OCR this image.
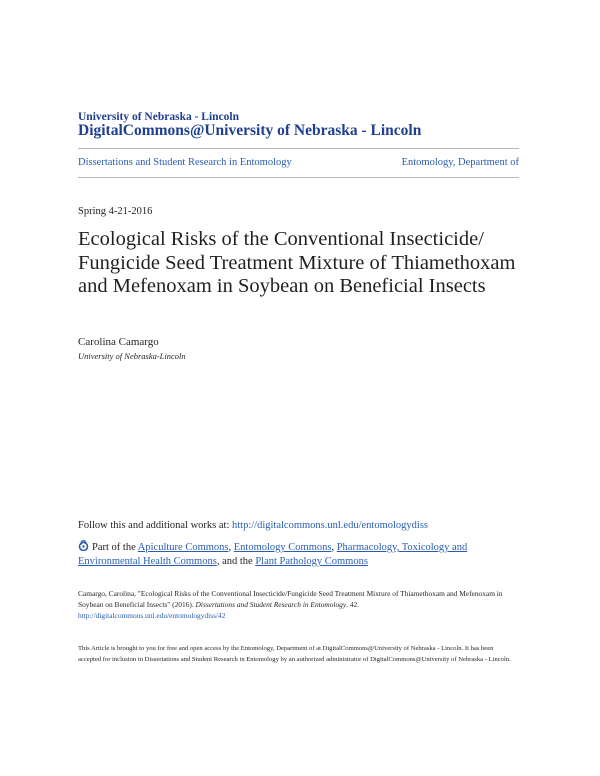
University of Nebraska - Lincoln
DigitalCommons@University of Nebraska - Lincoln
Dissertations and Student Research in Entomology	Entomology, Department of
Spring 4-21-2016
Ecological Risks of the Conventional Insecticide/ Fungicide Seed Treatment Mixture of Thiamethoxam and Mefenoxam in Soybean on Beneficial Insects
Carolina Camargo
University of Nebraska-Lincoln
Follow this and additional works at: http://digitalcommons.unl.edu/entomologydiss
Part of the Apiculture Commons, Entomology Commons, Pharmacology, Toxicology and Environmental Health Commons, and the Plant Pathology Commons
Camargo, Carolina, "Ecological Risks of the Conventional Insecticide/Fungicide Seed Treatment Mixture of Thiamethoxam and Mefenoxam in Soybean on Beneficial Insects" (2016). Dissertations and Student Research in Entomology. 42.
http://digitalcommons.unl.edu/entomologydiss/42
This Article is brought to you for free and open access by the Entomology, Department of at DigitalCommons@University of Nebraska - Lincoln. It has been accepted for inclusion in Dissertations and Student Research in Entomology by an authorized administrator of DigitalCommons@University of Nebraska - Lincoln.
